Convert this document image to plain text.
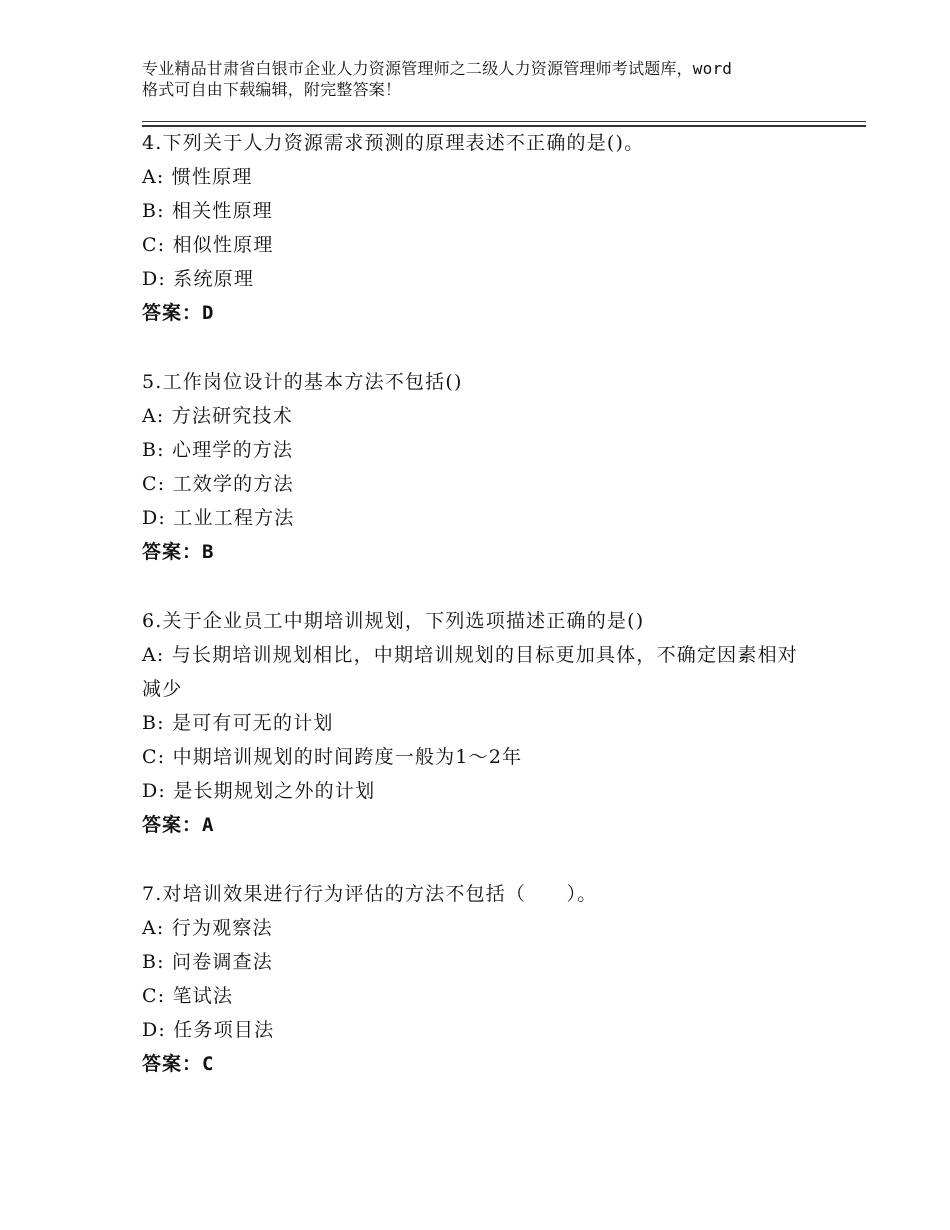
专业精品甘肃省白银市企业人力资源管理师之二级人力资源管理师考试题库，word
格式可自由下载编辑，附完整答案！
4.下列关于人力资源需求预测的原理表述不正确的是()。
A: 惯性原理
B: 相关性原理
C: 相似性原理
D: 系统原理
答案：D
5.工作岗位设计的基本方法不包括()
A: 方法研究技术
B: 心理学的方法
C: 工效学的方法
D: 工业工程方法
答案：B
6.关于企业员工中期培训规划，下列选项描述正确的是()
A: 与长期培训规划相比，中期培训规划的目标更加具体，不确定因素相对减少
B: 是可有可无的计划
C: 中期培训规划的时间跨度一般为1～2年
D: 是长期规划之外的计划
答案：A
7.对培训效果进行行为评估的方法不包括（　　）。
A: 行为观察法
B: 问卷调查法
C: 笔试法
D: 任务项目法
答案：C
